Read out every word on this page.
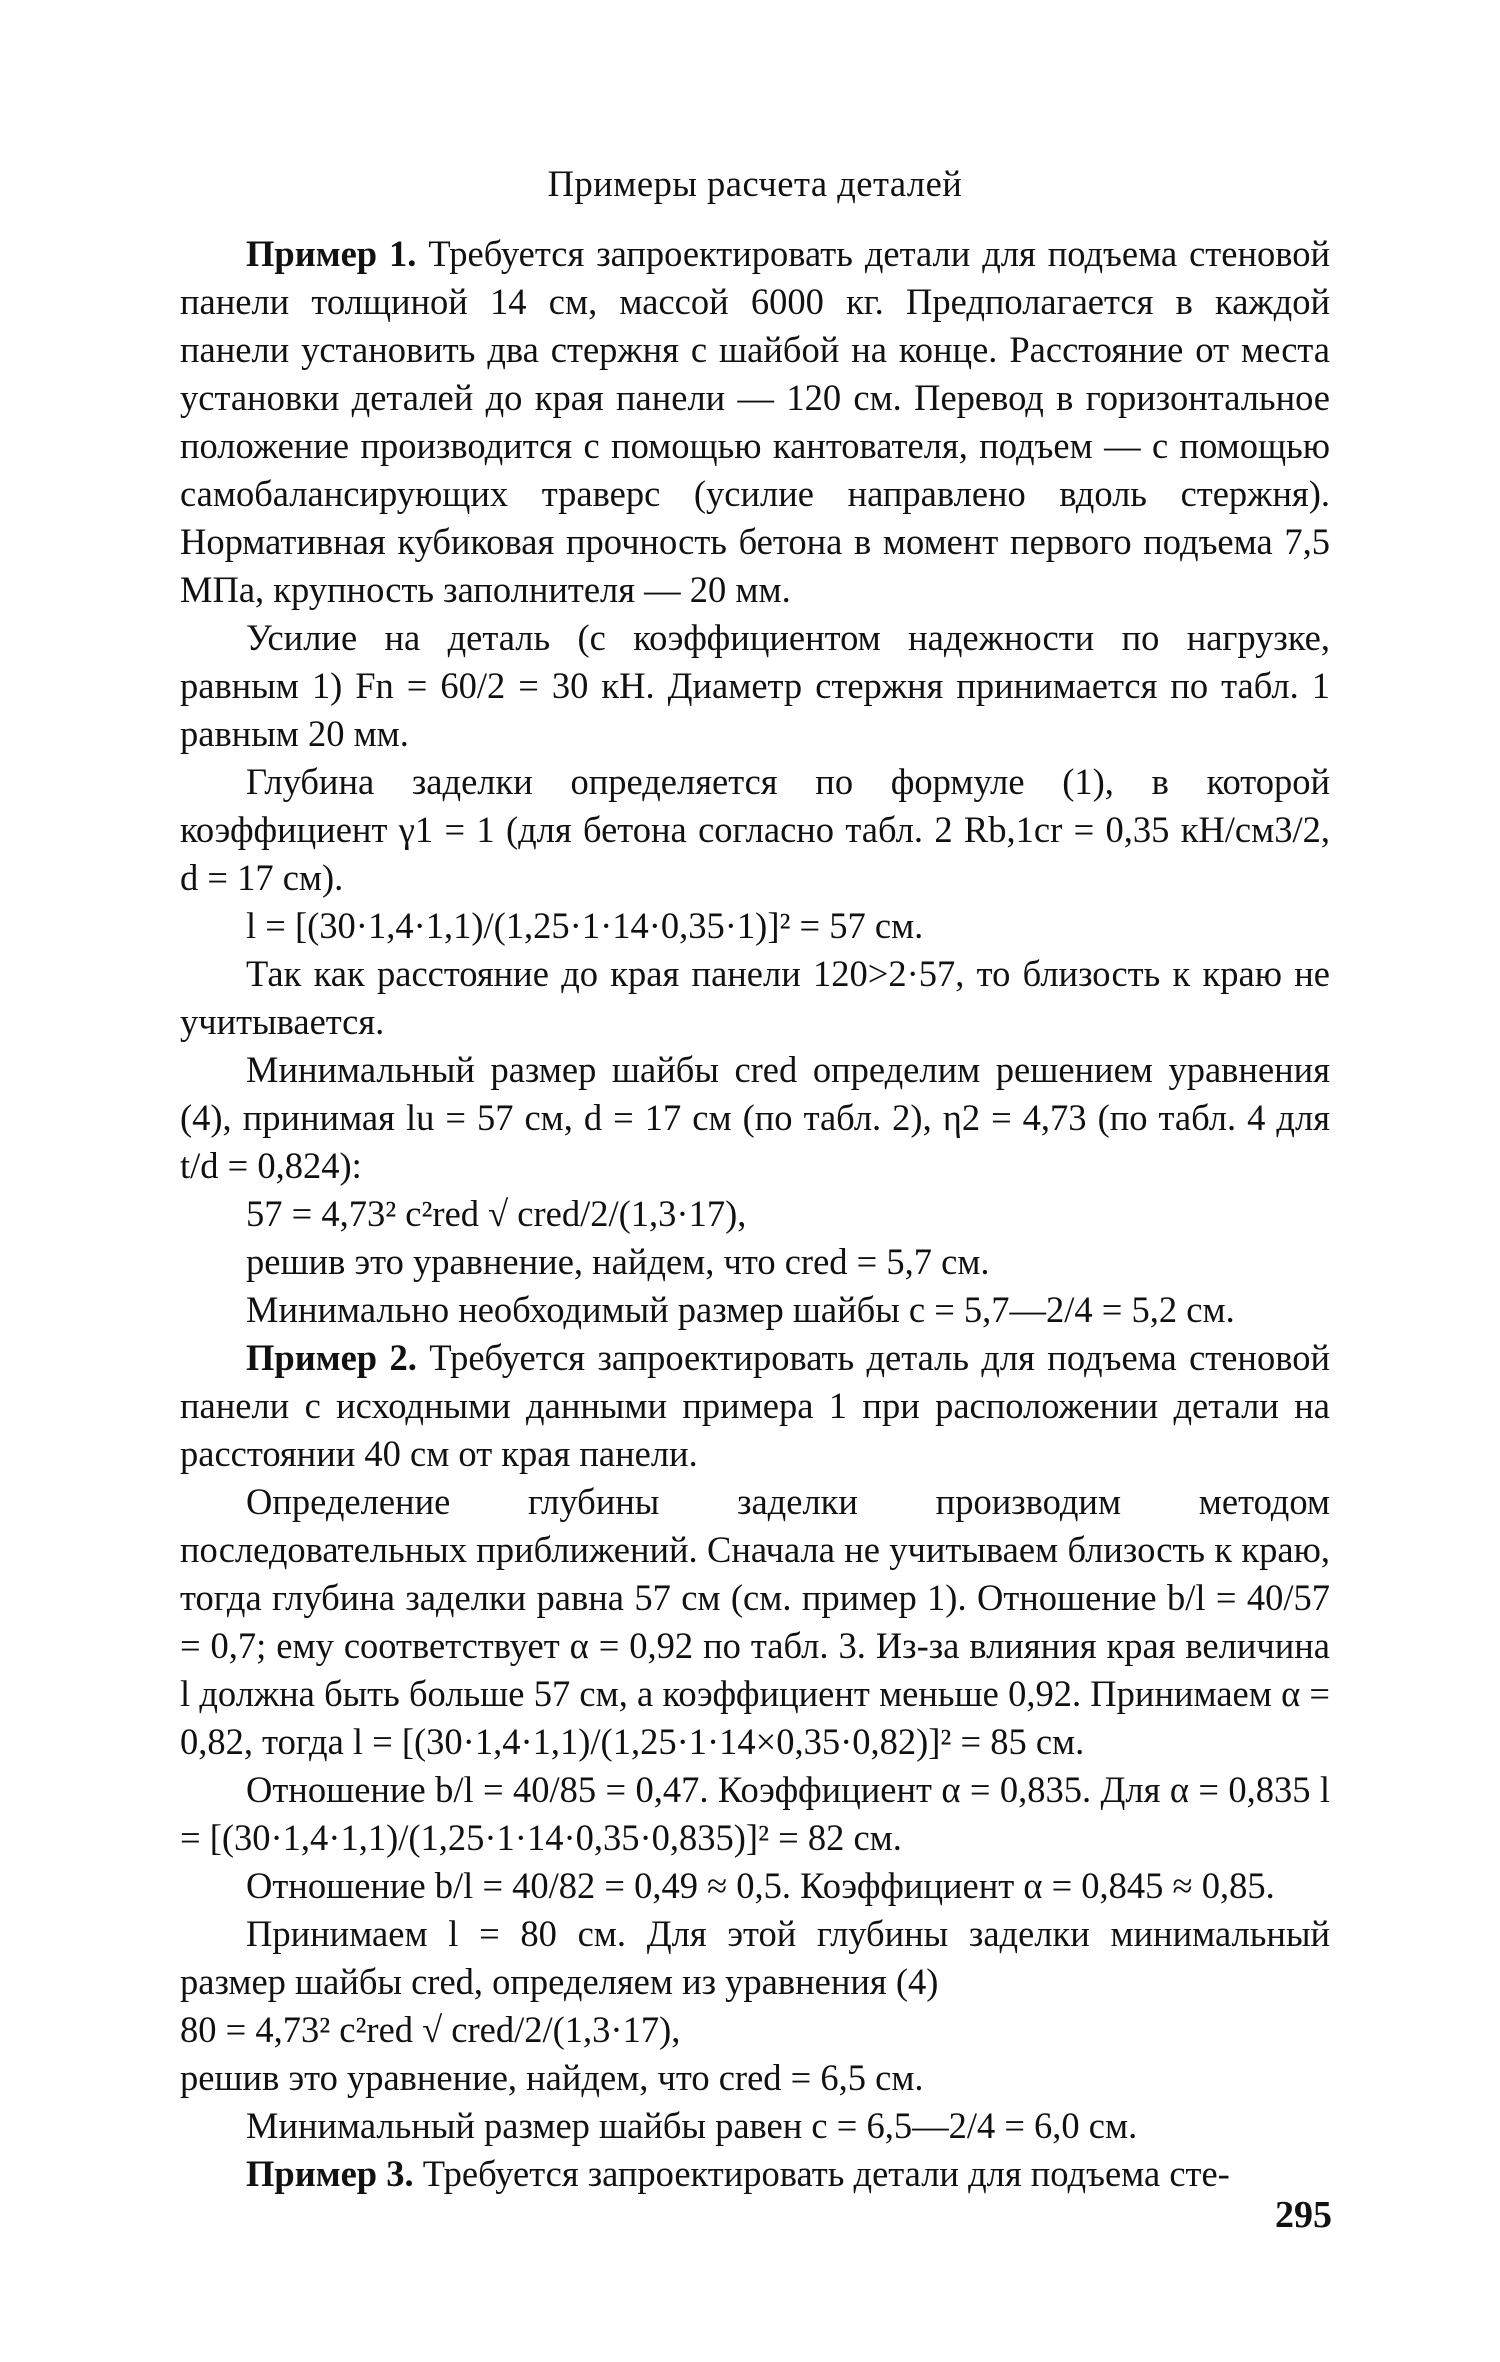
Примеры расчета деталей

Пример 1. Требуется запроектировать детали для подъема стеновой панели толщиной 14 см, массой 6000 кг. Предполагается в каждой панели установить два стержня с шайбой на конце. Расстояние от места установки деталей до края панели — 120 см. Перевод в горизонтальное положение производится с помощью кантователя, подъем — с помощью самобалансирующих траверс (усилие направлено вдоль стержня). Нормативная кубиковая прочность бетона в момент первого подъема 7,5 МПа, крупность заполнителя — 20 мм.

Усилие на деталь (с коэффициентом надежности по нагрузке, равным 1) Fn = 60/2 = 30 кН. Диаметр стержня принимается по табл. 1 равным 20 мм.

Глубина заделки определяется по формуле (1), в которой коэффициент γ1 = 1 (для бетона согласно табл. 2 Rb,1cr = 0,35 кН/см3/2, d = 17 см).

l = [(30·1,4·1,1)/(1,25·1·14·0,35·1)]² = 57 см.

Так как расстояние до края панели 120>2·57, то близость к краю не учитывается.

Минимальный размер шайбы cred определим решением уравнения (4), принимая lu = 57 см, d = 17 см (по табл. 2), η2 = 4,73 (по табл. 4 для t/d = 0,824):

57 = 4,73² c²red √ cred/2/(1,3·17),

решив это уравнение, найдем, что cred = 5,7 см.

Минимально необходимый размер шайбы c = 5,7—2/4 = 5,2 см.

Пример 2. Требуется запроектировать деталь для подъема стеновой панели с исходными данными примера 1 при расположении детали на расстоянии 40 см от края панели.

Определение глубины заделки производим методом последовательных приближений. Сначала не учитываем близость к краю, тогда глубина заделки равна 57 см (см. пример 1). Отношение b/l = 40/57 = 0,7; ему соответствует α = 0,92 по табл. 3. Из-за влияния края величина l должна быть больше 57 см, а коэффициент меньше 0,92. Принимаем α = 0,82, тогда l = [(30·1,4·1,1)/(1,25·1·14×0,35·0,82)]² = 85 см.

Отношение b/l = 40/85 = 0,47. Коэффициент α = 0,835. Для α = 0,835 l = [(30·1,4·1,1)/(1,25·1·14·0,35·0,835)]² = 82 см.

Отношение b/l = 40/82 = 0,49 ≈ 0,5. Коэффициент α = 0,845 ≈ 0,85.

Принимаем l = 80 см. Для этой глубины заделки минимальный размер шайбы cred, определяем из уравнения (4)

80 = 4,73² c²red √ cred/2/(1,3·17),

решив это уравнение, найдем, что cred = 6,5 см.

Минимальный размер шайбы равен c = 6,5—2/4 = 6,0 см.

Пример 3. Требуется запроектировать детали для подъема сте-

295
